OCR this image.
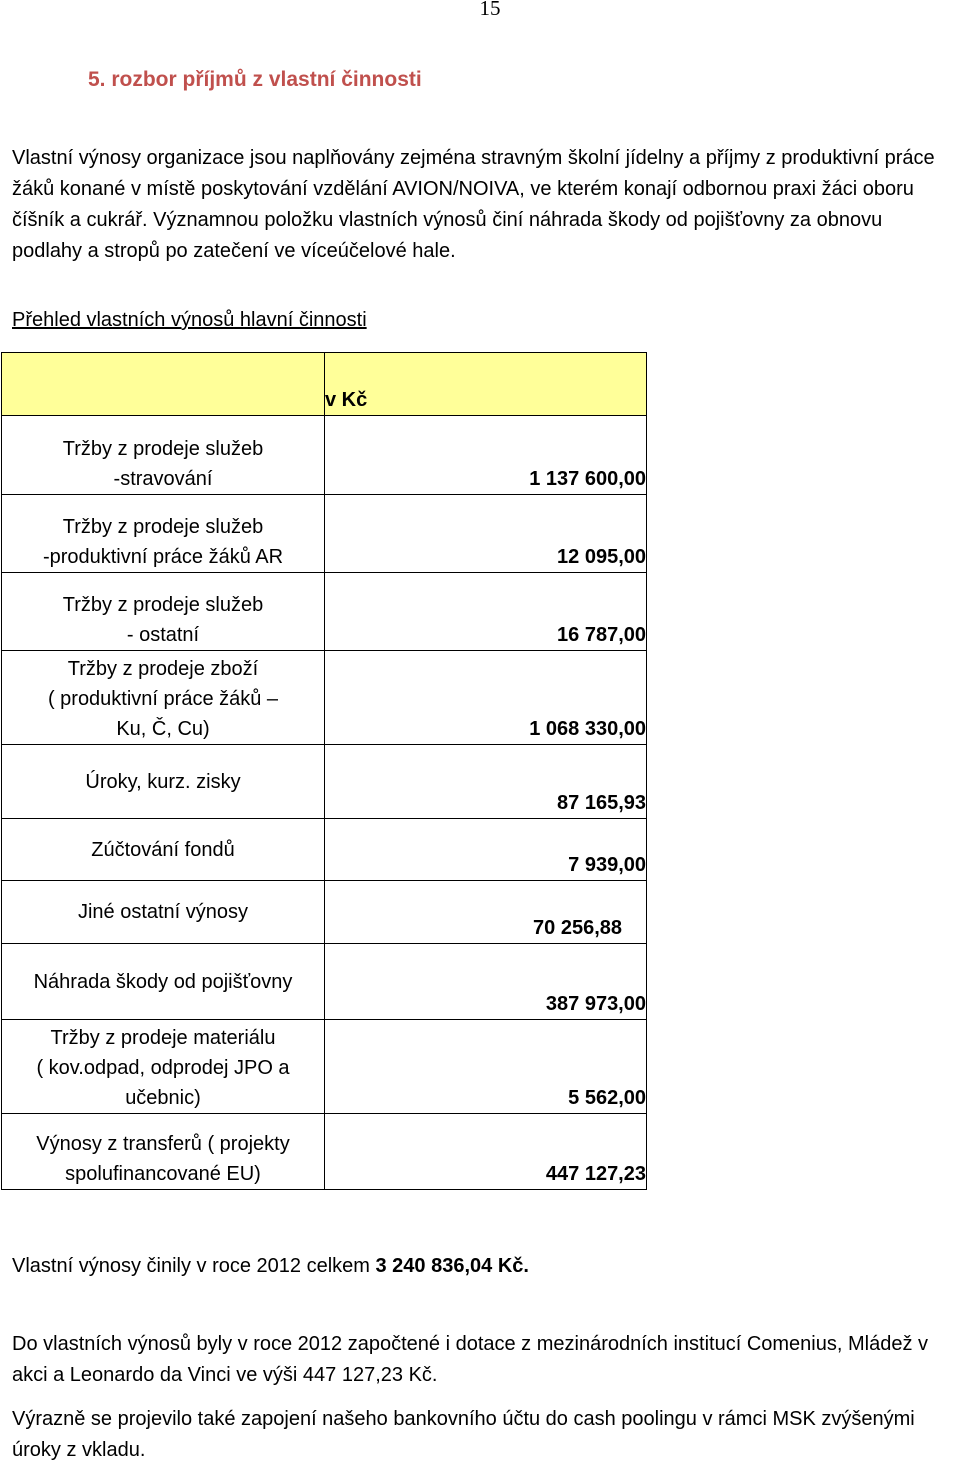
15
5. rozbor příjmů z vlastní činnosti

Vlastní výnosy organizace jsou naplňovány zejména stravným školní jídelny a příjmy z produktivní práce žáků konané v místě poskytování vzdělání AVION/NOIVA, ve kterém konají odbornou praxi žáci oboru číšník a cukrář. Významnou položku vlastních výnosů činí náhrada škody od pojišťovny za obnovu podlahy a stropů po zatečení ve víceúčelové hale.

Přehled vlastních výnosů hlavní činnosti

	v Kč

Tržby z prodeje služeb
-stravování	1 137 600,00

Tržby z prodeje služeb
-produktivní práce žáků AR	12 095,00

Tržby z prodeje služeb
- ostatní	16 787,00

Tržby z prodeje zboží
( produktivní práce žáků –
Ku, Č, Cu)	1 068 330,00

Úroky, kurz. zisky	87 165,93

Zúčtování fondů	7 939,00

Jiné ostatní výnosy	70 256,88

Náhrada škody od pojišťovny	387 973,00

Tržby z prodeje materiálu
( kov.odpad, odprodej JPO a
učebnic)	5 562,00

Výnosy z transferů ( projekty
spolufinancované EU)	447 127,23

Vlastní výnosy činily v roce 2012 celkem 3 240 836,04 Kč.

Do vlastních výnosů byly v roce 2012 započtené i dotace z mezinárodních institucí Comenius, Mládež v akci a Leonardo da Vinci ve výši 447 127,23 Kč.

Výrazně se projevilo také zapojení našeho bankovního účtu do cash poolingu v rámci MSK zvýšenými úroky z vkladu.
